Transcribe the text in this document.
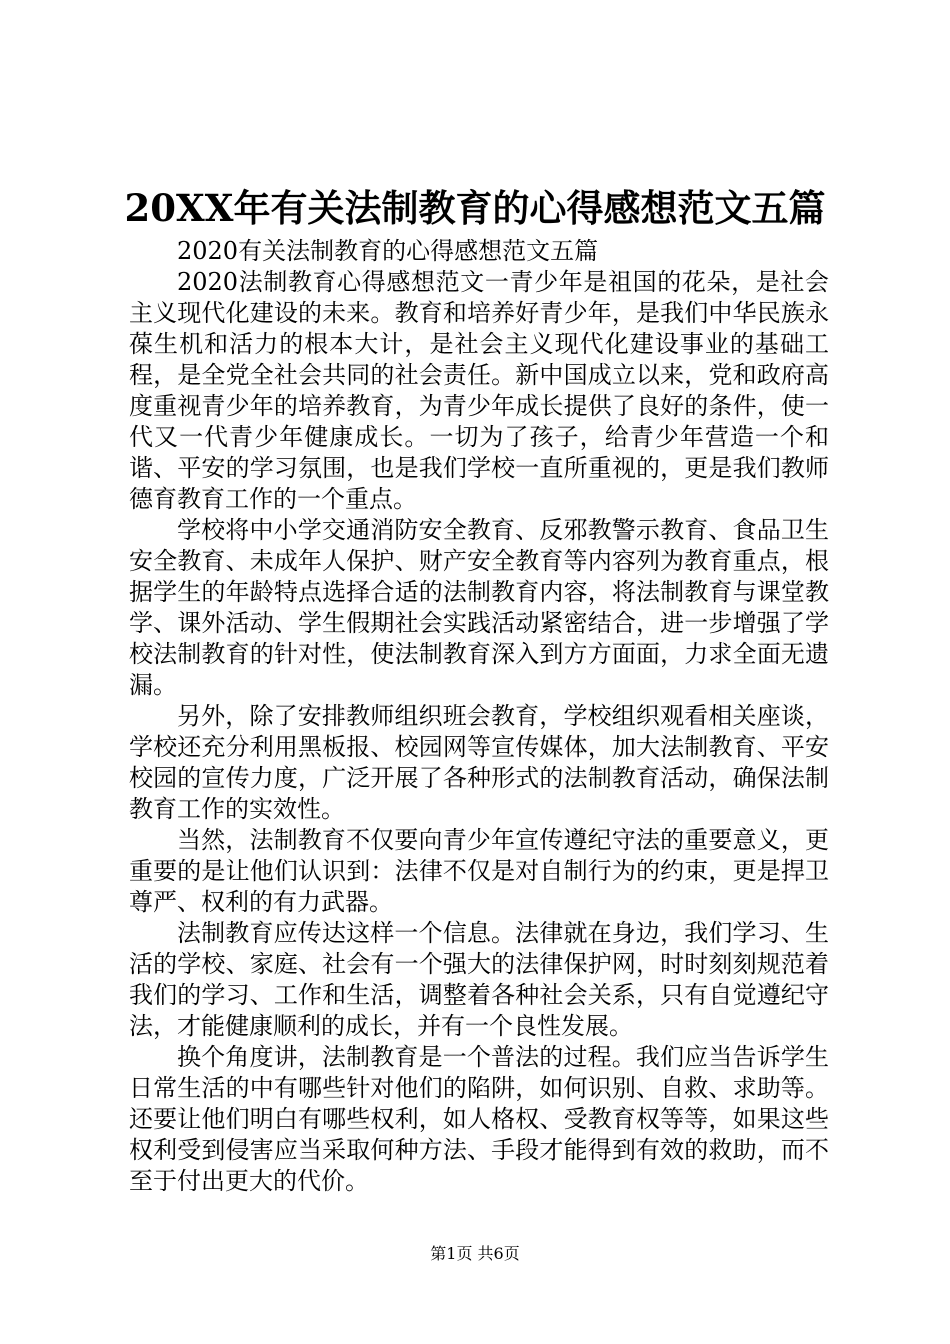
20XX年有关法制教育的心得感想范文五篇

2020有关法制教育的心得感想范文五篇

2020法制教育心得感想范文一青少年是祖国的花朵，是社会主义现代化建设的未来。教育和培养好青少年，是我们中华民族永葆生机和活力的根本大计，是社会主义现代化建设事业的基础工程，是全党全社会共同的社会责任。新中国成立以来，党和政府高度重视青少年的培养教育，为青少年成长提供了良好的条件，使一代又一代青少年健康成长。一切为了孩子，给青少年营造一个和谐、平安的学习氛围，也是我们学校一直所重视的，更是我们教师德育教育工作的一个重点。

学校将中小学交通消防安全教育、反邪教警示教育、食品卫生安全教育、未成年人保护、财产安全教育等内容列为教育重点，根据学生的年龄特点选择合适的法制教育内容，将法制教育与课堂教学、课外活动、学生假期社会实践活动紧密结合，进一步增强了学校法制教育的针对性，使法制教育深入到方方面面，力求全面无遗漏。

另外，除了安排教师组织班会教育，学校组织观看相关座谈，学校还充分利用黑板报、校园网等宣传媒体，加大法制教育、平安校园的宣传力度，广泛开展了各种形式的法制教育活动，确保法制教育工作的实效性。

当然，法制教育不仅要向青少年宣传遵纪守法的重要意义，更重要的是让他们认识到：法律不仅是对自制行为的约束，更是捍卫尊严、权利的有力武器。

法制教育应传达这样一个信息。法律就在身边，我们学习、生活的学校、家庭、社会有一个强大的法律保护网，时时刻刻规范着我们的学习、工作和生活，调整着各种社会关系，只有自觉遵纪守法，才能健康顺利的成长，并有一个良性发展。

换个角度讲，法制教育是一个普法的过程。我们应当告诉学生日常生活的中有哪些针对他们的陷阱，如何识别、自救、求助等。还要让他们明白有哪些权利，如人格权、受教育权等等，如果这些权利受到侵害应当采取何种方法、手段才能得到有效的救助，而不至于付出更大的代价。

第1页 共6页
